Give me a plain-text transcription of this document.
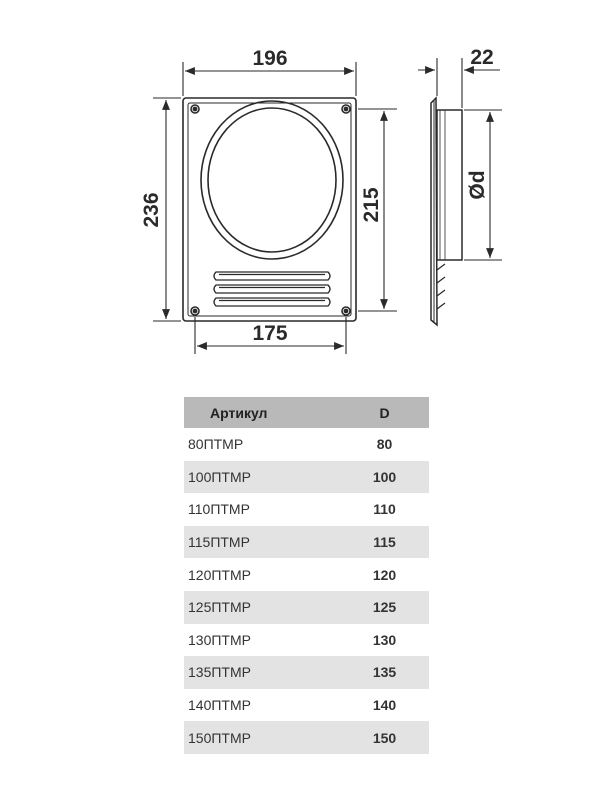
196
236	215
175
22
Ød
Артикул	D
80ПТМР	80
100ПТМР	100
110ПТМР	110
115ПТМР	115
120ПТМР	120
125ПТМР	125
130ПТМР	130
135ПТМР	135
140ПТМР	140
150ПТМР	150
